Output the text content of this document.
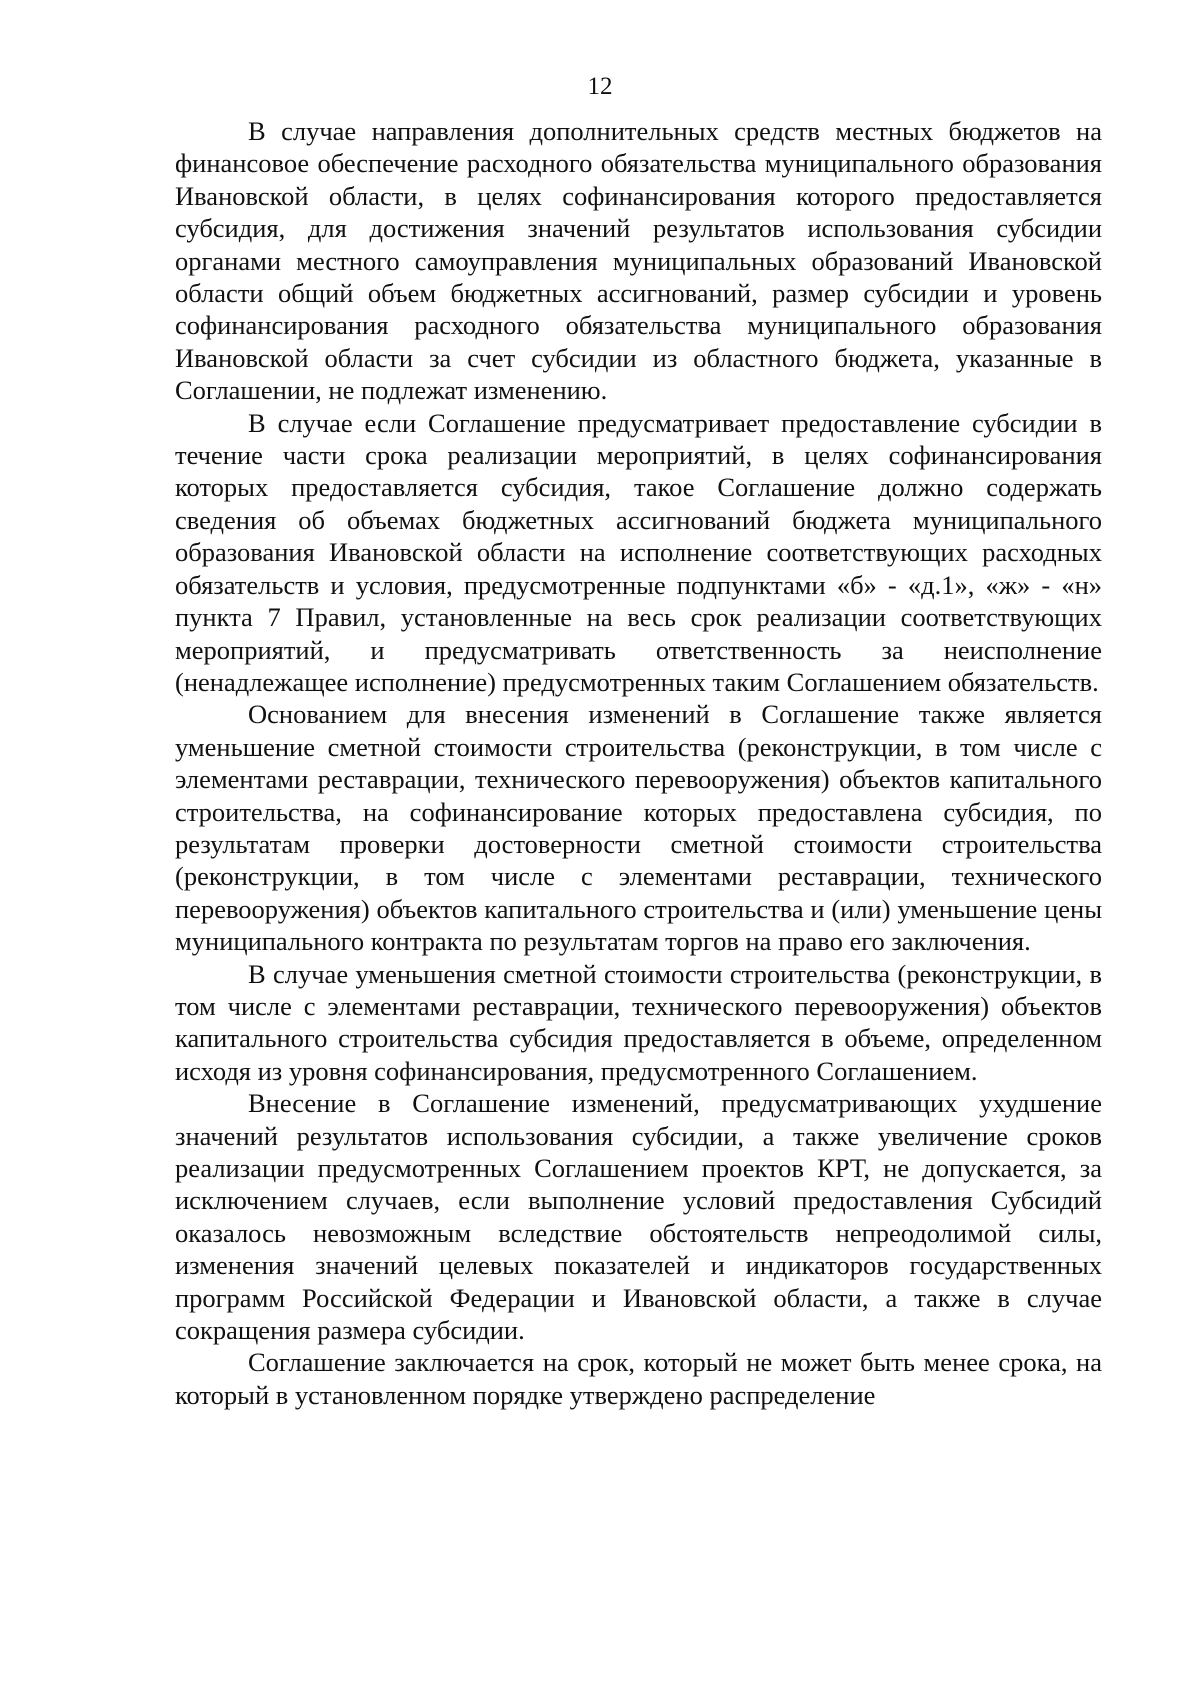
12

В случае направления дополнительных средств местных бюджетов на финансовое обеспечение расходного обязательства муниципального образования Ивановской области, в целях софинансирования которого предоставляется субсидия, для достижения значений результатов использования субсидии органами местного самоуправления муниципальных образований Ивановской области общий объем бюджетных ассигнований, размер субсидии и уровень софинансирования расходного обязательства муниципального образования Ивановской области за счет субсидии из областного бюджета, указанные в Соглашении, не подлежат изменению.

В случае если Соглашение предусматривает предоставление субсидии в течение части срока реализации мероприятий, в целях софинансирования которых предоставляется субсидия, такое Соглашение должно содержать сведения об объемах бюджетных ассигнований бюджета муниципального образования Ивановской области на исполнение соответствующих расходных обязательств и условия, предусмотренные подпунктами «б» - «д.1», «ж» - «н» пункта 7 Правил, установленные на весь срок реализации соответствующих мероприятий, и предусматривать ответственность за неисполнение (ненадлежащее исполнение) предусмотренных таким Соглашением обязательств.

Основанием для внесения изменений в Соглашение также является уменьшение сметной стоимости строительства (реконструкции, в том числе с элементами реставрации, технического перевооружения) объектов капитального строительства, на софинансирование которых предоставлена субсидия, по результатам проверки достоверности сметной стоимости строительства (реконструкции, в том числе с элементами реставрации, технического перевооружения) объектов капитального строительства и (или) уменьшение цены муниципального контракта по результатам торгов на право его заключения.

В случае уменьшения сметной стоимости строительства (реконструкции, в том числе с элементами реставрации, технического перевооружения) объектов капитального строительства субсидия предоставляется в объеме, определенном исходя из уровня софинансирования, предусмотренного Соглашением.

Внесение в Соглашение изменений, предусматривающих ухудшение значений результатов использования субсидии, а также увеличение сроков реализации предусмотренных Соглашением проектов КРТ, не допускается, за исключением случаев, если выполнение условий предоставления Субсидий оказалось невозможным вследствие обстоятельств непреодолимой силы, изменения значений целевых показателей и индикаторов государственных программ Российской Федерации и Ивановской области, а также в случае сокращения размера субсидии.

Соглашение заключается на срок, который не может быть менее срока, на который в установленном порядке утверждено распределение
